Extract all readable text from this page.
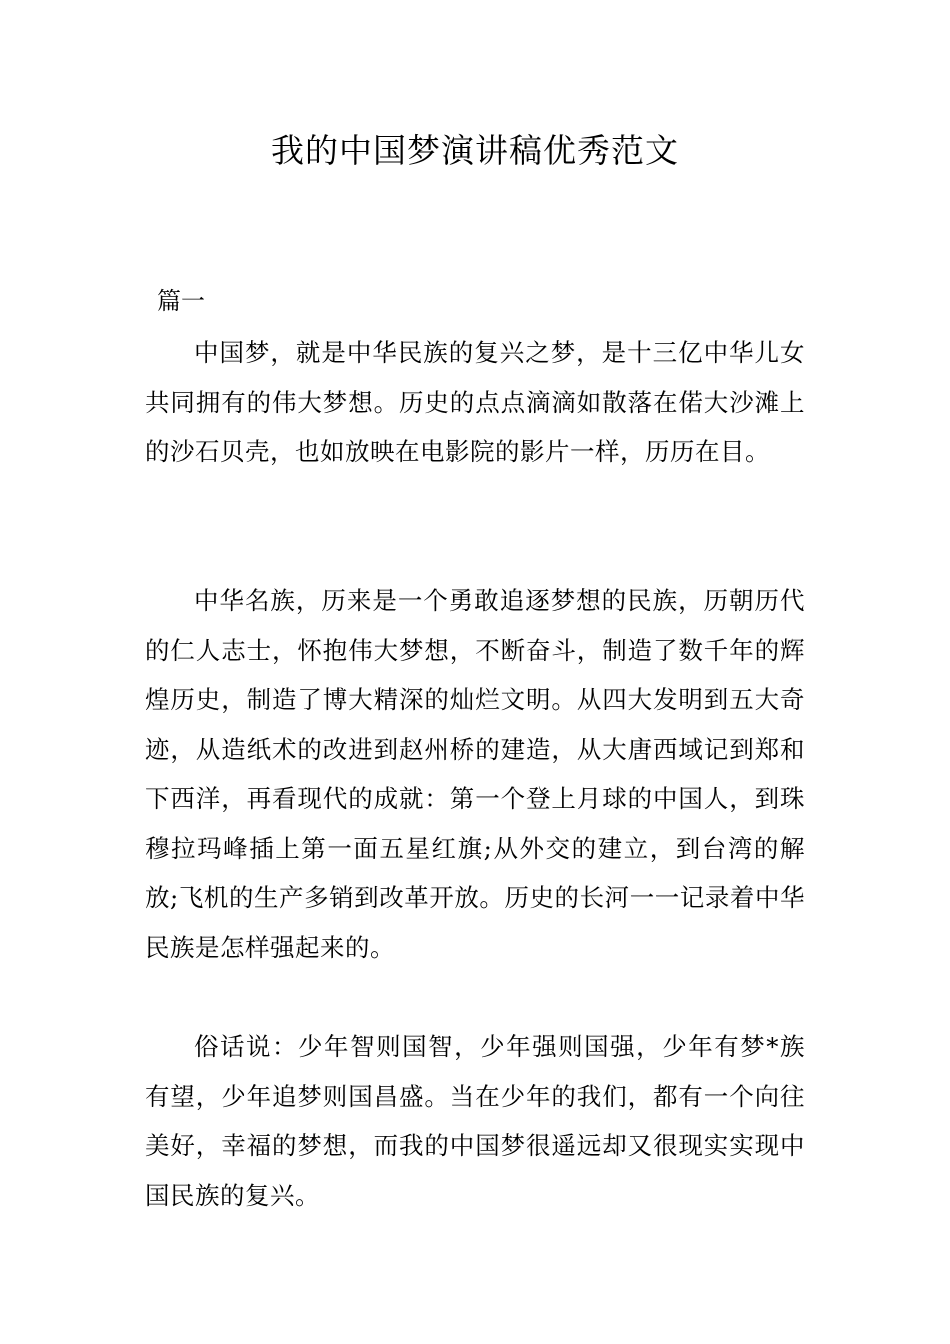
我的中国梦演讲稿优秀范文

篇一

中国梦，就是中华民族的复兴之梦，是十三亿中华儿女共同拥有的伟大梦想。历史的点点滴滴如散落在偌大沙滩上的沙石贝壳，也如放映在电影院的影片一样，历历在目。

中华名族，历来是一个勇敢追逐梦想的民族，历朝历代的仁人志士，怀抱伟大梦想，不断奋斗，制造了数千年的辉煌历史，制造了博大精深的灿烂文明。从四大发明到五大奇迹，从造纸术的改进到赵州桥的建造，从大唐西域记到郑和下西洋，再看现代的成就：第一个登上月球的中国人，到珠穆拉玛峰插上第一面五星红旗;从外交的建立，到台湾的解放;飞机的生产多销到改革开放。历史的长河一一记录着中华民族是怎样强起来的。

俗话说：少年智则国智，少年强则国强，少年有梦*族有望，少年追梦则国昌盛。当在少年的我们，都有一个向往美好，幸福的梦想，而我的中国梦很遥远却又很现实实现中国民族的复兴。
